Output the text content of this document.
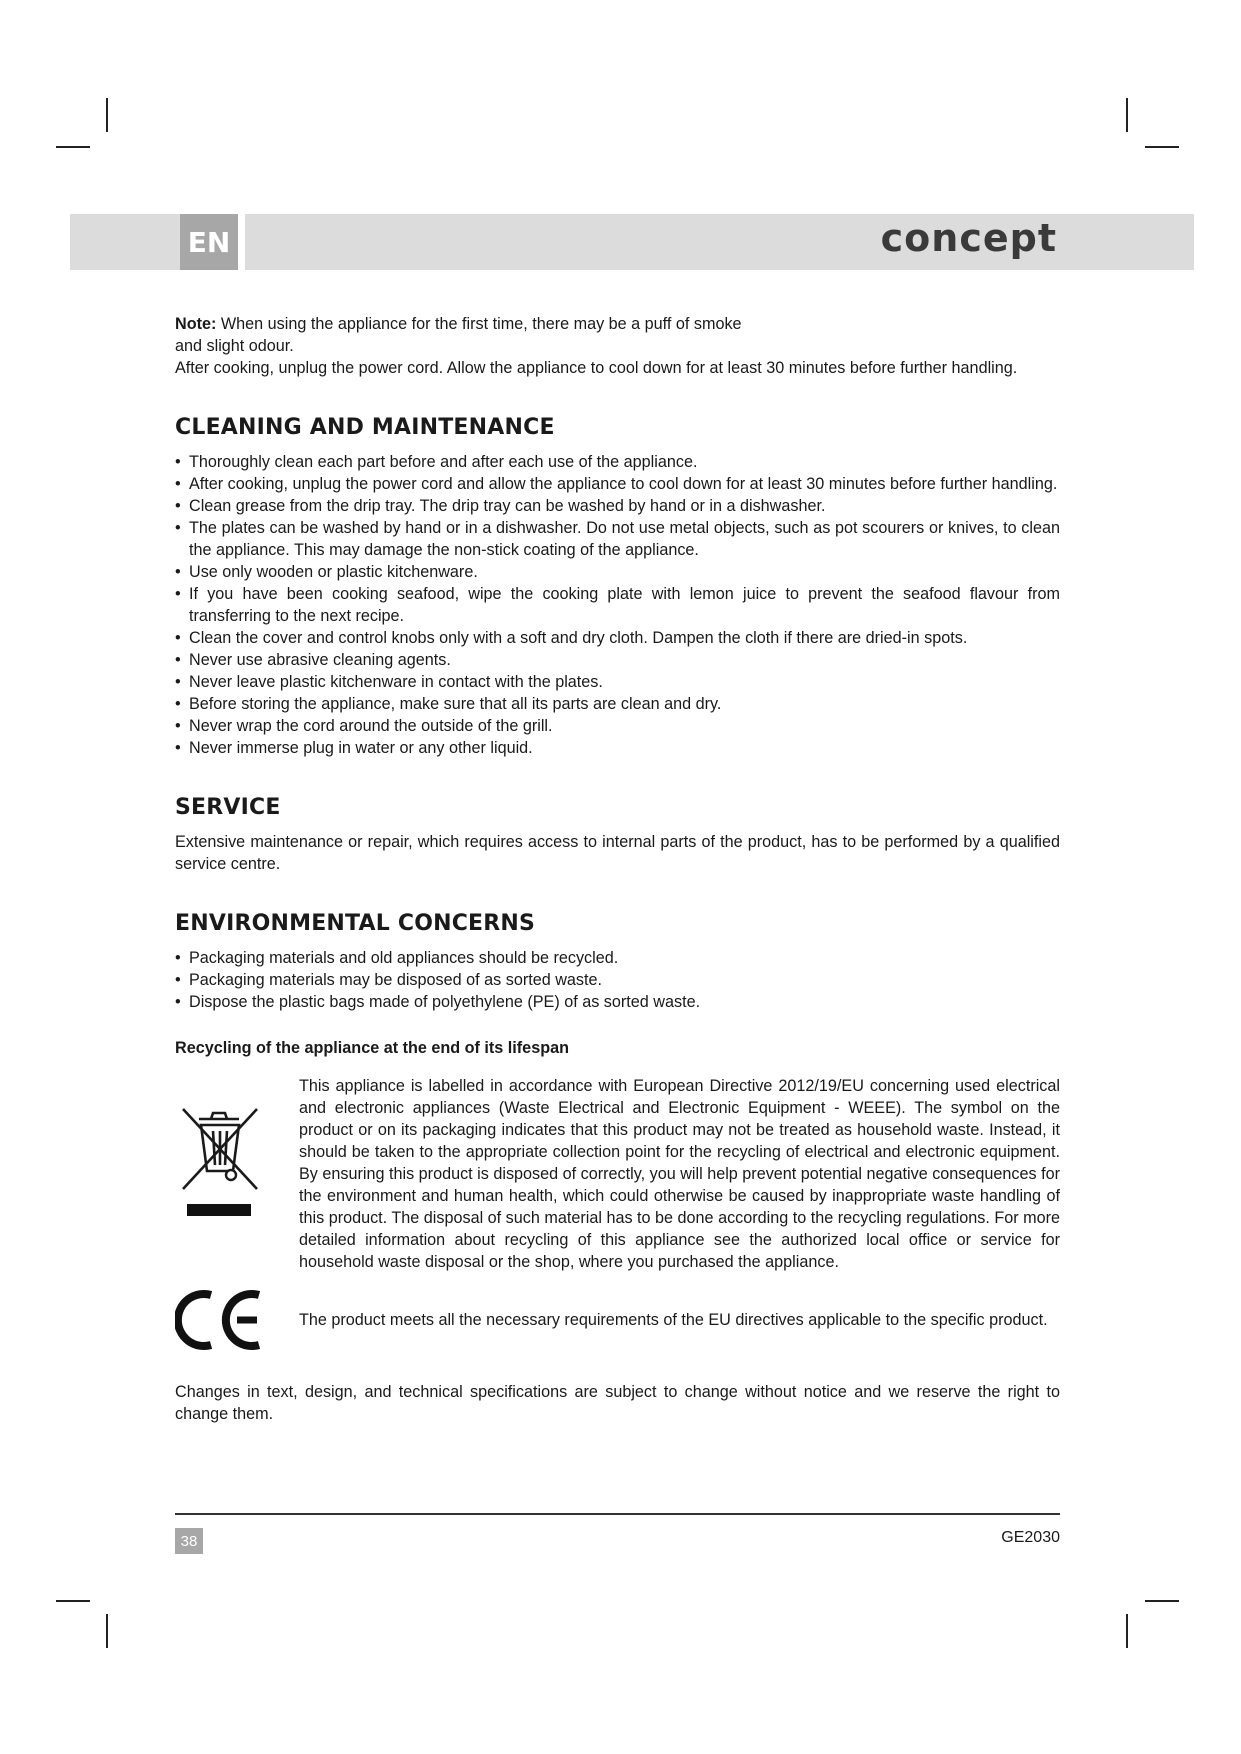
EN	concept

Note: When using the appliance for the first time, there may be a puff of smoke

and slight odour.

After cooking, unplug the power cord. Allow the appliance to cool down for at least 30 minutes before further handling.

CLEANING AND MAINTENANCE
• Thoroughly clean each part before and after each use of the appliance.
• After cooking, unplug the power cord and allow the appliance to cool down for at least 30 minutes before further handling.
• Clean grease from the drip tray. The drip tray can be washed by hand or in a dishwasher.
• The plates can be washed by hand or in a dishwasher. Do not use metal objects, such as pot scourers or knives, to clean the appliance. This may damage the non-stick coating of the appliance.
• Use only wooden or plastic kitchenware.
• If you have been cooking seafood, wipe the cooking plate with lemon juice to prevent the seafood flavour from transferring to the next recipe.
• Clean the cover and control knobs only with a soft and dry cloth. Dampen the cloth if there are dried-in spots.
• Never use abrasive cleaning agents.
• Never leave plastic kitchenware in contact with the plates.
• Before storing the appliance, make sure that all its parts are clean and dry.
• Never wrap the cord around the outside of the grill.
• Never immerse plug in water or any other liquid.
SERVICE

Extensive maintenance or repair, which requires access to internal parts of the product, has to be performed by a qualified service centre.

ENVIRONMENTAL CONCERNS
• Packaging materials and old appliances should be recycled.
• Packaging materials may be disposed of as sorted waste.
• Dispose the plastic bags made of polyethylene (PE) of as sorted waste.

Recycling of the appliance at the end of its lifespan

This appliance is labelled in accordance with European Directive 2012/19/EU concerning used electrical and electronic appliances (Waste Electrical and Electronic Equipment - WEEE). The symbol on the product or on its packaging indicates that this product may not be treated as household waste. Instead, it should be taken to the appropriate collection point for the recycling of electrical and electronic equipment. By ensuring this product is disposed of correctly, you will help prevent potential negative consequences for the environment and human health, which could otherwise be caused by inappropriate waste handling of this product. The disposal of such material has to be done according to the recycling regulations. For more detailed information about recycling of this appliance see the authorized local office or service for household waste disposal or the shop, where you purchased the appliance.

The product meets all the necessary requirements of the EU directives applicable to the specific product.

Changes in text, design, and technical specifications are subject to change without notice and we reserve the right to change them.

38	GE2030
